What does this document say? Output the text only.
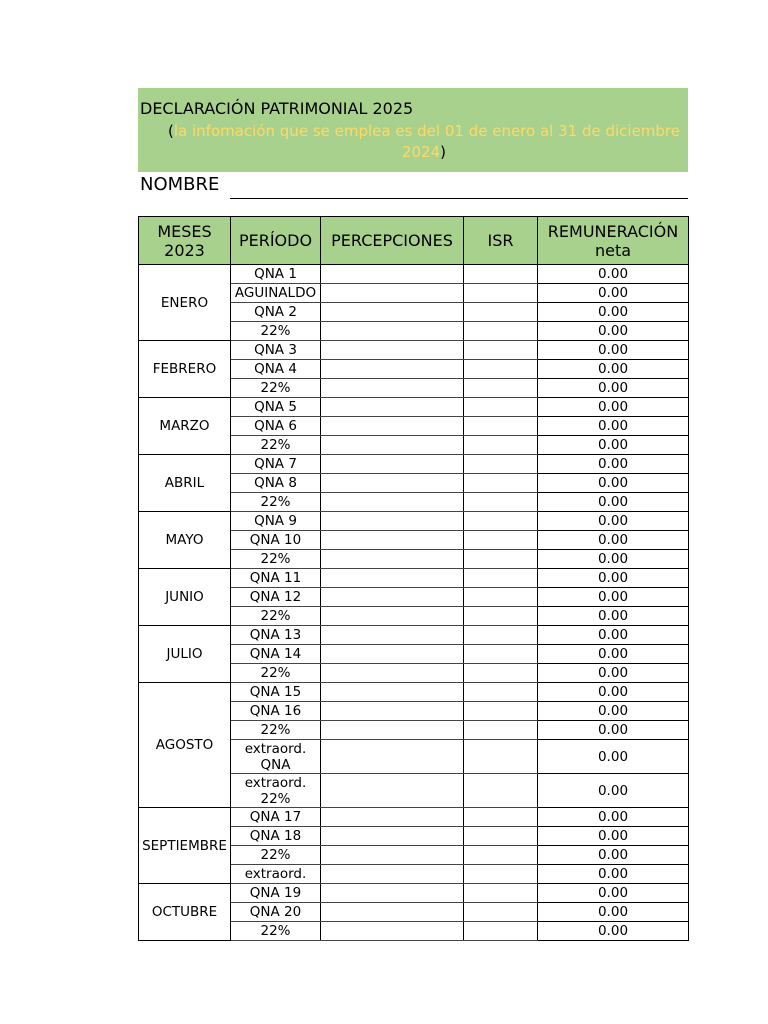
DECLARACIÓN PATRIMONIAL 2025
(la infomación que se emplea es del 01 de enero al 31 de diciembre 2024)
NOMBRE
MESES 2023	PERÍODO	PERCEPCIONES	ISR	REMUNERACIÓN neta
ENERO	QNA 1			0.00
	AGUINALDO			0.00
	QNA 2			0.00
	22%			0.00
FEBRERO	QNA 3			0.00
	QNA 4			0.00
	22%			0.00
MARZO	QNA 5			0.00
	QNA 6			0.00
	22%			0.00
ABRIL	QNA 7			0.00
	QNA 8			0.00
	22%			0.00
MAYO	QNA 9			0.00
	QNA 10			0.00
	22%			0.00
JUNIO	QNA 11			0.00
	QNA 12			0.00
	22%			0.00
JULIO	QNA 13			0.00
	QNA 14			0.00
	22%			0.00
AGOSTO	QNA 15			0.00
	QNA 16			0.00
	22%			0.00
	extraord. QNA			0.00
	extraord. 22%			0.00
SEPTIEMBRE	QNA 17			0.00
	QNA 18			0.00
	22%			0.00
	extraord.			0.00
OCTUBRE	QNA 19			0.00
	QNA 20			0.00
	22%			0.00
